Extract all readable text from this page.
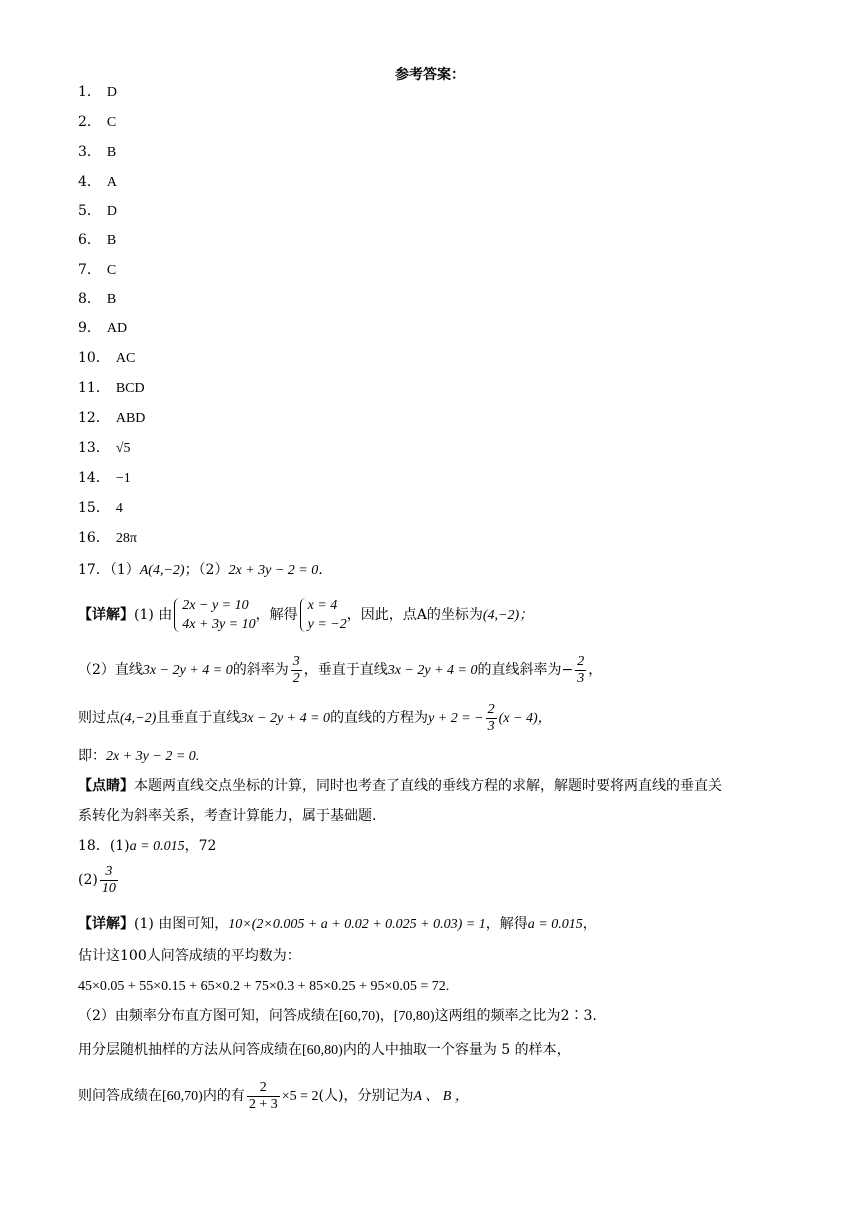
参考答案：
1． D
2． C
3． B
4． A
5． D
6． B
7． C
8． B
9． AD
10． AC
11． BCD
12． ABD
13． √5
14． −1
15． 4
16． 28π
17．（1）A(4,−2)；（2）2x + 3y − 2 = 0.
【详解】(1) 由
2x − y = 10
4x + 3y = 10
，解得
x = 4
y = −2
，因此，点A的坐标为(4,−2)；
（2）直线3x − 2y + 4 = 0的斜率为 $\frac{3}{2}$ ，垂直于直线3x − 2y + 4 = 0的直线斜率为− $\frac{2}{3}$ ，
则过点(4,−2)且垂直于直线3x − 2y + 4 = 0的直线的方程为y + 2 = − $\frac{2}{3} (x - 4)$，
即：2x + 3y − 2 = 0.
【点睛】本题两直线交点坐标的计算，同时也考查了直线的垂线方程的求解，解题时要将两直线的垂直关
系转化为斜率关系，考查计算能力，属于基础题.
18．(1)a = 0.015，72
$(2) \frac{3}{10}$
【详解】(1) 由图可知，10×(2×0.005 + a + 0.02 + 0.025 + 0.03) = 1，解得a = 0.015，
估计这100人问答成绩的平均数为：
45×0.05 + 55×0.15 + 65×0.2 + 75×0.3 + 85×0.25 + 95×0.05 = 72.
（2）由频率分布直方图可知，问答成绩在[60,70)，[70,80)这两组的频率之比为2∶3.
用分层随机抽样的方法从问答成绩在[60,80)内的人中抽取一个容量为 5 的样本，
则问答成绩在[60,70)内的有 $\frac{2}{2 + 3} \times 5 = 2$(人)，分别记为A 、 B ，
